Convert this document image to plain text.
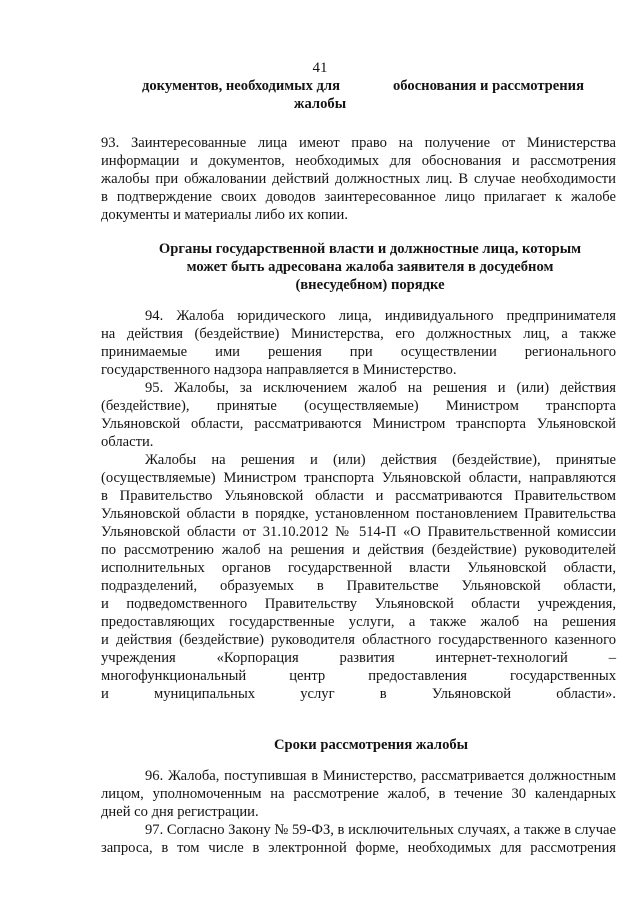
41
документов, необходимых для	обоснования и рассмотрения
жалобы
93. Заинтересованные лица имеют право на получение от Министерства
информации и документов, необходимых для обоснования и рассмотрения
жалобы при обжаловании действий должностных лиц. В случае необходимости
в подтверждение своих доводов заинтересованное лицо прилагает к жалобе
документы и материалы либо их копии.
Органы государственной власти и должностные лица, которым
может быть адресована жалоба заявителя в досудебном
(внесудебном) порядке
94. Жалоба юридического лица, индивидуального предпринимателя
на действия (бездействие) Министерства, его должностных лиц, а также
принимаемые ими решения при осуществлении регионального
государственного надзора направляется в Министерство.
95. Жалобы, за исключением жалоб на решения и (или) действия
(бездействие), принятые (осуществляемые) Министром транспорта
Ульяновской области, рассматриваются Министром транспорта Ульяновской
области.
Жалобы на решения и (или) действия (бездействие), принятые
(осуществляемые) Министром транспорта Ульяновской области, направляются
в Правительство Ульяновской области и рассматриваются Правительством
Ульяновской области в порядке, установленном постановлением Правительства
Ульяновской области от 31.10.2012 № 514-П «О Правительственной комиссии
по рассмотрению жалоб на решения и действия (бездействие) руководителей
исполнительных органов государственной власти Ульяновской области,
подразделений, образуемых в Правительстве Ульяновской области,
и подведомственного Правительству Ульяновской области учреждения,
предоставляющих государственные услуги, а также жалоб на решения
и действия (бездействие) руководителя областного государственного казенного
учреждения «Корпорация развития интернет-технологий –
многофункциональный центр предоставления государственных
и муниципальных услуг в Ульяновской области».
Сроки рассмотрения жалобы
96. Жалоба, поступившая в Министерство, рассматривается должностным
лицом, уполномоченным на рассмотрение жалоб, в течение 30 календарных
дней со дня регистрации.
97. Согласно Закону № 59-ФЗ, в исключительных случаях, а также в случае
запроса, в том числе в электронной форме, необходимых для рассмотрения
